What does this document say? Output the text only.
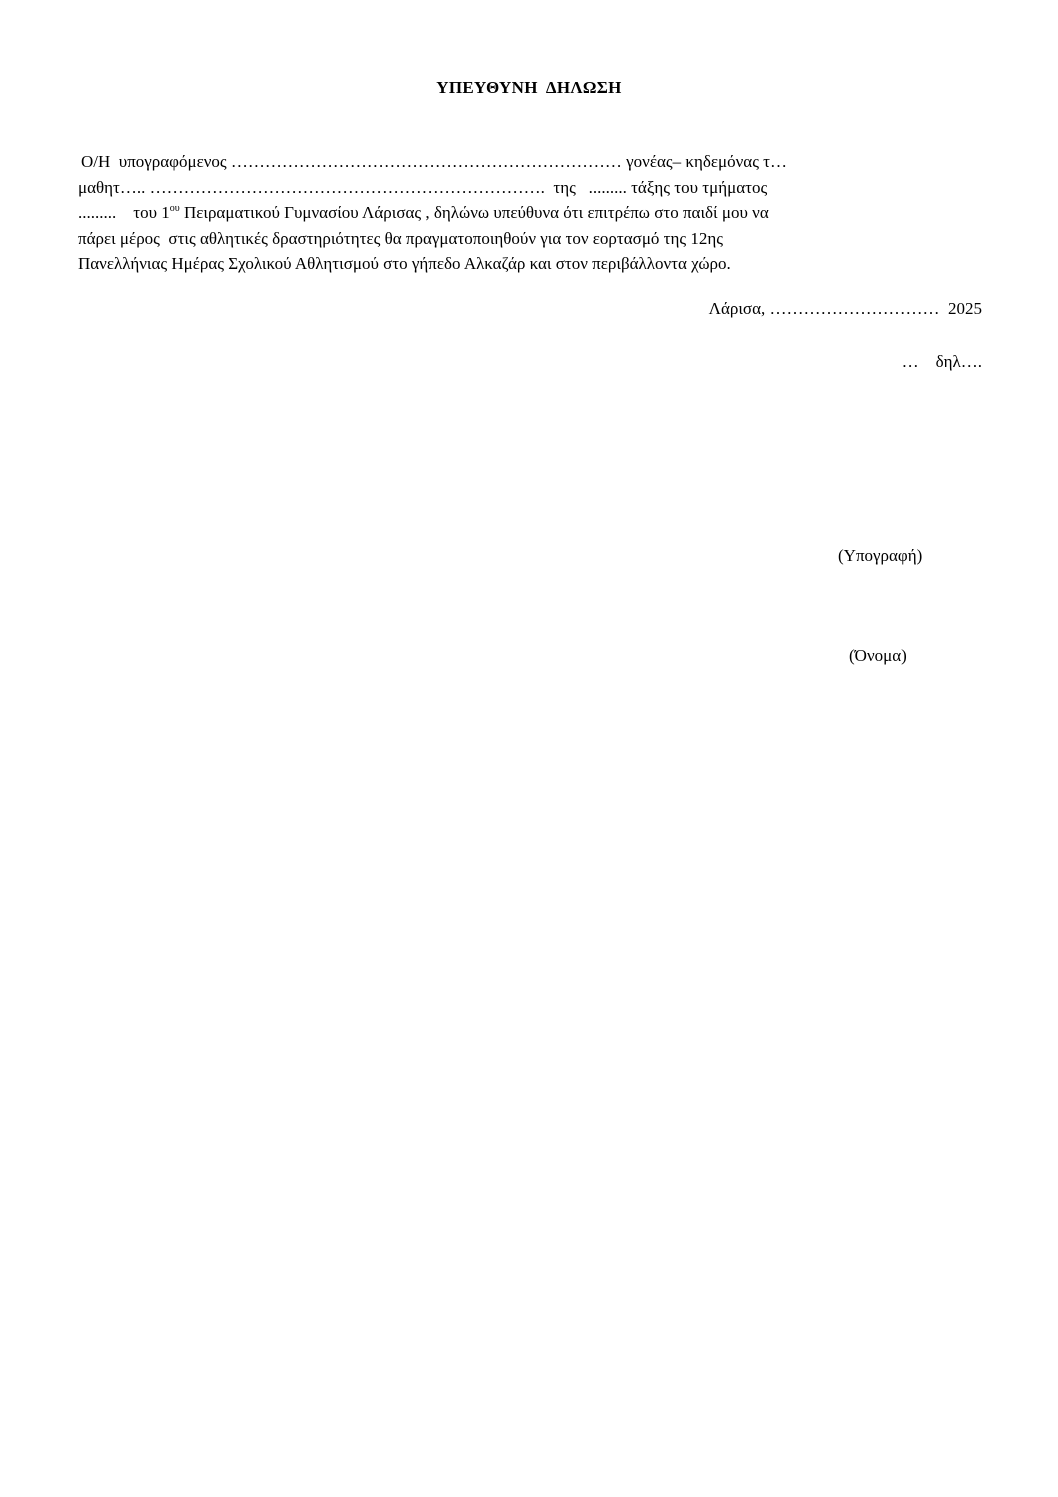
ΥΠΕΥΘΥΝΗ  ΔΗΛΩΣΗ
Ο/Η  υπογραφόμενος …………………………………………………………… γονέας– κηδεμόνας τ…
μαθητ….. …………………………………………………………….  της   ......... τάξης του τμήματος
.........    του $1^{o\upsilon}$ Πειραματικού Γυμνασίου Λάρισας , δηλώνω υπεύθυνα ότι επιτρέπω στο παιδί μου να
πάρει μέρος  στις αθλητικές δραστηριότητες θα πραγματοποιηθούν για τον εορτασμό της 12ης
Πανελλήνιας Ημέρας Σχολικού Αθλητισμού στο γήπεδο Αλκαζάρ και στον περιβάλλοντα χώρο.
Λάρισα, …………………………  2025
…    δηλ….
(Υπογραφή)
(Όνομα)
